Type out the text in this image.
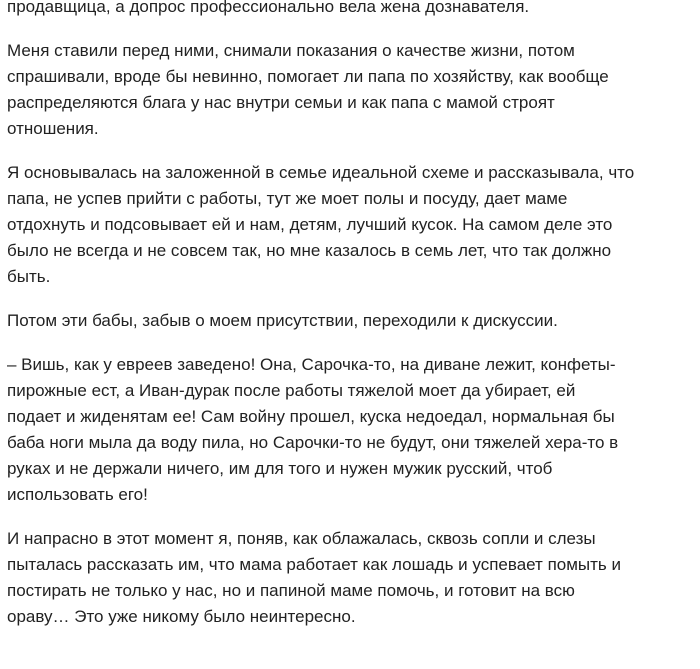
продавщица, а допрос профессионально вела жена дознавателя.

Меня ставили перед ними, снимали показания о качестве жизни, потом
спрашивали, вроде бы невинно, помогает ли папа по хозяйству, как вообще
распределяются блага у нас внутри семьи и как папа с мамой строят
отношения.

Я основывалась на заложенной в семье идеальной схеме и рассказывала, что
папа, не успев прийти с работы, тут же моет полы и посуду, дает маме
отдохнуть и подсовывает ей и нам, детям, лучший кусок. На самом деле это
было не всегда и не совсем так, но мне казалось в семь лет, что так должно
быть.

Потом эти бабы, забыв о моем присутствии, переходили к дискуссии.

– Вишь, как у евреев заведено! Она, Сарочка-то, на диване лежит, конфеты-
пирожные ест, а Иван-дурак после работы тяжелой моет да убирает, ей
подает и жиденятам ее! Сам войну прошел, куска недоедал, нормальная бы
баба ноги мыла да воду пила, но Сарочки-то не будут, они тяжелей хера-то в
руках и не держали ничего, им для того и нужен мужик русский, чтоб
использовать его!

И напрасно в этот момент я, поняв, как облажалась, сквозь сопли и слезы
пыталась рассказать им, что мама работает как лошадь и успевает помыть и
постирать не только у нас, но и папиной маме помочь, и готовит на всю
ораву… Это уже никому было неинтересно.
